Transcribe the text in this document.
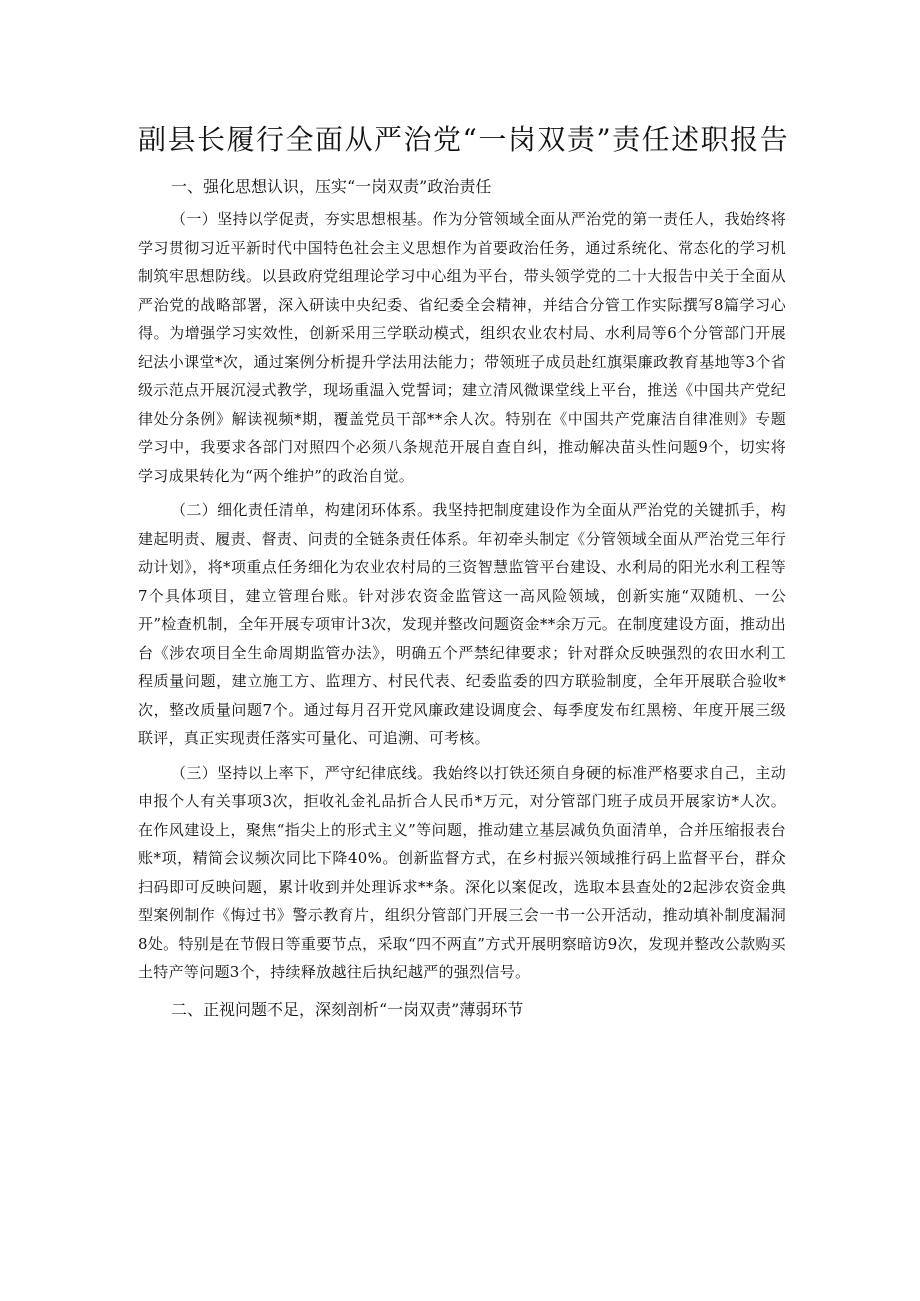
副县长履行全面从严治党“一岗双责”责任述职报告
一、强化思想认识，压实“一岗双责”政治责任

（一）坚持以学促责，夯实思想根基。作为分管领域全面从严治党的第一责任人，我始终将学习贯彻习近平新时代中国特色社会主义思想作为首要政治任务，通过系统化、常态化的学习机制筑牢思想防线。以县政府党组理论学习中心组为平台，带头领学党的二十大报告中关于全面从严治党的战略部署，深入研读中央纪委、省纪委全会精神，并结合分管工作实际撰写8篇学习心得。为增强学习实效性，创新采用三学联动模式，组织农业农村局、水利局等6个分管部门开展纪法小课堂*次，通过案例分析提升学法用法能力；带领班子成员赴红旗渠廉政教育基地等3个省级示范点开展沉浸式教学，现场重温入党誓词；建立清风微课堂线上平台，推送《中国共产党纪律处分条例》解读视频*期，覆盖党员干部**余人次。特别在《中国共产党廉洁自律准则》专题学习中，我要求各部门对照四个必须八条规范开展自查自纠，推动解决苗头性问题9个，切实将学习成果转化为“两个维护”的政治自觉。

（二）细化责任清单，构建闭环体系。我坚持把制度建设作为全面从严治党的关键抓手，构建起明责、履责、督责、问责的全链条责任体系。年初牵头制定《分管领域全面从严治党三年行动计划》，将*项重点任务细化为农业农村局的三资智慧监管平台建设、水利局的阳光水利工程等7个具体项目，建立管理台账。针对涉农资金监管这一高风险领域，创新实施“双随机、一公开”检查机制，全年开展专项审计3次，发现并整改问题资金**余万元。在制度建设方面，推动出台《涉农项目全生命周期监管办法》，明确五个严禁纪律要求；针对群众反映强烈的农田水利工程质量问题，建立施工方、监理方、村民代表、纪委监委的四方联验制度，全年开展联合验收*次，整改质量问题7个。通过每月召开党风廉政建设调度会、每季度发布红黑榜、年度开展三级联评，真正实现责任落实可量化、可追溯、可考核。

（三）坚持以上率下，严守纪律底线。我始终以打铁还须自身硬的标准严格要求自己，主动申报个人有关事项3次，拒收礼金礼品折合人民币*万元，对分管部门班子成员开展家访*人次。在作风建设上，聚焦“指尖上的形式主义”等问题，推动建立基层减负负面清单，合并压缩报表台账*项，精简会议频次同比下降40%。创新监督方式，在乡村振兴领域推行码上监督平台，群众扫码即可反映问题，累计收到并处理诉求**条。深化以案促改，选取本县查处的2起涉农资金典型案例制作《悔过书》警示教育片，组织分管部门开展三会一书一公开活动，推动填补制度漏洞8处。特别是在节假日等重要节点，采取“四不两直”方式开展明察暗访9次，发现并整改公款购买土特产等问题3个，持续释放越往后执纪越严的强烈信号。

二、正视问题不足，深刻剖析“一岗双责”薄弱环节
